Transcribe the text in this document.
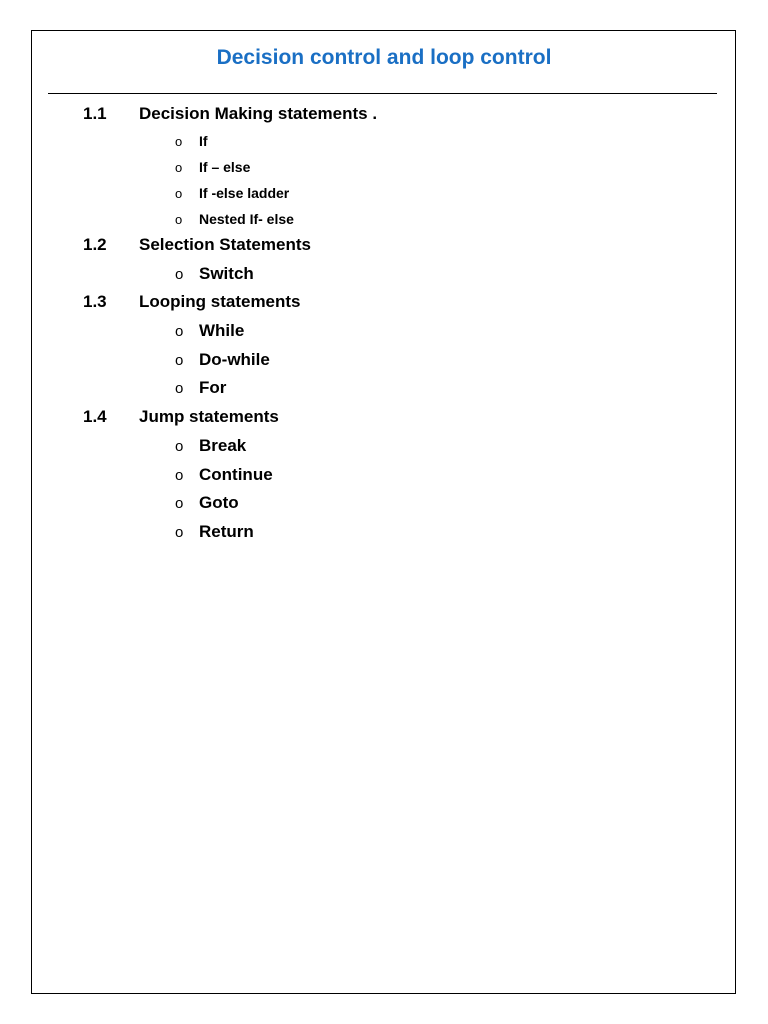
Decision control and loop control
1.1 Decision Making statements .
o If
o If – else
o If -else ladder
o Nested If- else
1.2 Selection Statements
o Switch
1.3 Looping statements
o While
o Do-while
o For
1.4 Jump statements
o Break
o Continue
o Goto
o Return
